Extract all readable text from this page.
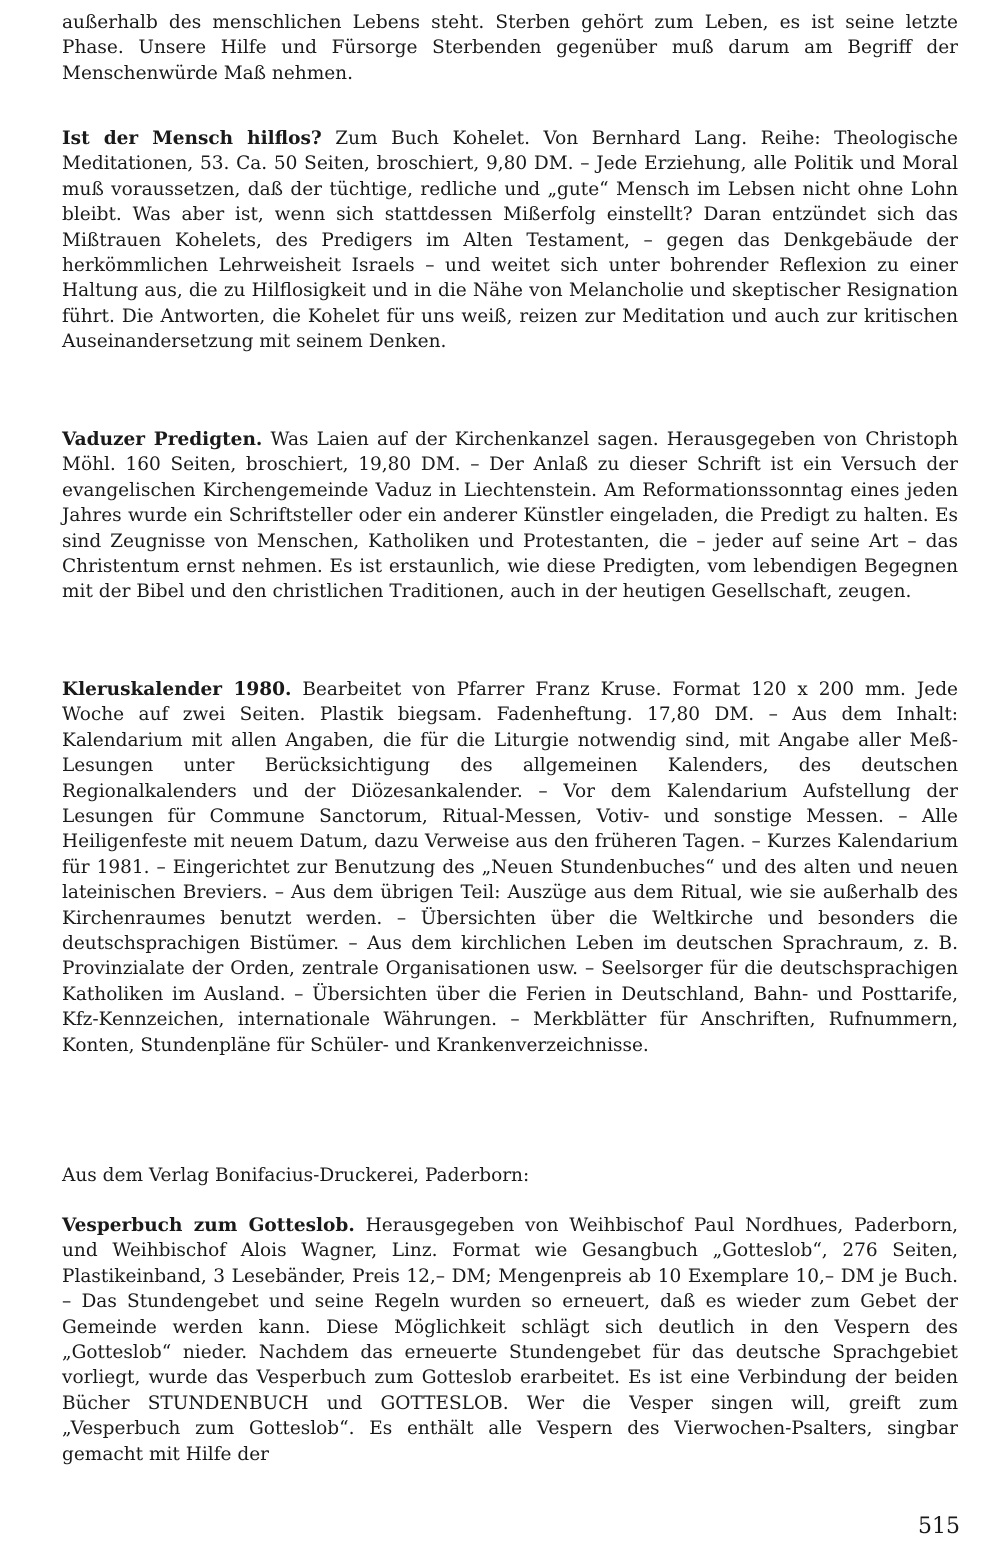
außerhalb des menschlichen Lebens steht. Sterben gehört zum Leben, es ist seine letzte Phase. Unsere Hilfe und Fürsorge Sterbenden gegenüber muß darum am Begriff der Menschenwürde Maß nehmen.

Ist der Mensch hilflos? Zum Buch Kohelet. Von Bernhard Lang. Reihe: Theologische Meditationen, 53. Ca. 50 Seiten, broschiert, 9,80 DM. – Jede Erziehung, alle Politik und Moral muß voraussetzen, daß der tüchtige, redliche und „gute“ Mensch im Lebsen nicht ohne Lohn bleibt. Was aber ist, wenn sich stattdessen Mißerfolg einstellt? Daran entzündet sich das Mißtrauen Kohelets, des Predigers im Alten Testament, – gegen das Denkgebäude der herkömmlichen Lehrweisheit Israels – und weitet sich unter bohrender Reflexion zu einer Haltung aus, die zu Hilflosigkeit und in die Nähe von Melancholie und skeptischer Resignation führt. Die Antworten, die Kohelet für uns weiß, reizen zur Meditation und auch zur kritischen Auseinandersetzung mit seinem Denken.

Vaduzer Predigten. Was Laien auf der Kirchenkanzel sagen. Herausgegeben von Christoph Möhl. 160 Seiten, broschiert, 19,80 DM. – Der Anlaß zu dieser Schrift ist ein Versuch der evangelischen Kirchengemeinde Vaduz in Liechtenstein. Am Reformationssonntag eines jeden Jahres wurde ein Schriftsteller oder ein anderer Künstler eingeladen, die Predigt zu halten. Es sind Zeugnisse von Menschen, Katholiken und Protestanten, die – jeder auf seine Art – das Christentum ernst nehmen. Es ist erstaunlich, wie diese Predigten, vom lebendigen Begegnen mit der Bibel und den christlichen Traditionen, auch in der heutigen Gesellschaft, zeugen.

Kleruskalender 1980. Bearbeitet von Pfarrer Franz Kruse. Format 120 x 200 mm. Jede Woche auf zwei Seiten. Plastik biegsam. Fadenheftung. 17,80 DM. – Aus dem Inhalt: Kalendarium mit allen Angaben, die für die Liturgie notwendig sind, mit Angabe aller Meß-Lesungen unter Berücksichtigung des allgemeinen Kalenders, des deutschen Regionalkalenders und der Diözesankalender. – Vor dem Kalendarium Aufstellung der Lesungen für Commune Sanctorum, Ritual-Messen, Votiv- und sonstige Messen. – Alle Heiligenfeste mit neuem Datum, dazu Verweise aus den früheren Tagen. – Kurzes Kalendarium für 1981. – Eingerichtet zur Benutzung des „Neuen Stundenbuches“ und des alten und neuen lateinischen Breviers. – Aus dem übrigen Teil: Auszüge aus dem Ritual, wie sie außerhalb des Kirchenraumes benutzt werden. – Übersichten über die Weltkirche und besonders die deutschsprachigen Bistümer. – Aus dem kirchlichen Leben im deutschen Sprachraum, z. B. Provinzialate der Orden, zentrale Organisationen usw. – Seelsorger für die deutschsprachigen Katholiken im Ausland. – Übersichten über die Ferien in Deutschland, Bahn- und Posttarife, Kfz-Kennzeichen, internationale Währungen. – Merkblätter für Anschriften, Rufnummern, Konten, Stundenpläne für Schüler- und Krankenverzeichnisse.

Aus dem Verlag Bonifacius-Druckerei, Paderborn:

Vesperbuch zum Gotteslob. Herausgegeben von Weihbischof Paul Nordhues, Paderborn, und Weihbischof Alois Wagner, Linz. Format wie Gesangbuch „Gotteslob“, 276 Seiten, Plastikeinband, 3 Lesebänder, Preis 12,– DM; Mengenpreis ab 10 Exemplare 10,– DM je Buch. – Das Stundengebet und seine Regeln wurden so erneuert, daß es wieder zum Gebet der Gemeinde werden kann. Diese Möglichkeit schlägt sich deutlich in den Vespern des „Gotteslob“ nieder. Nachdem das erneuerte Stundengebet für das deutsche Sprachgebiet vorliegt, wurde das Vesperbuch zum Gotteslob erarbeitet. Es ist eine Verbindung der beiden Bücher STUNDENBUCH und GOTTESLOB. Wer die Vesper singen will, greift zum „Vesperbuch zum Gotteslob“. Es enthält alle Vespern des Vierwochen-Psalters, singbar gemacht mit Hilfe der

515
